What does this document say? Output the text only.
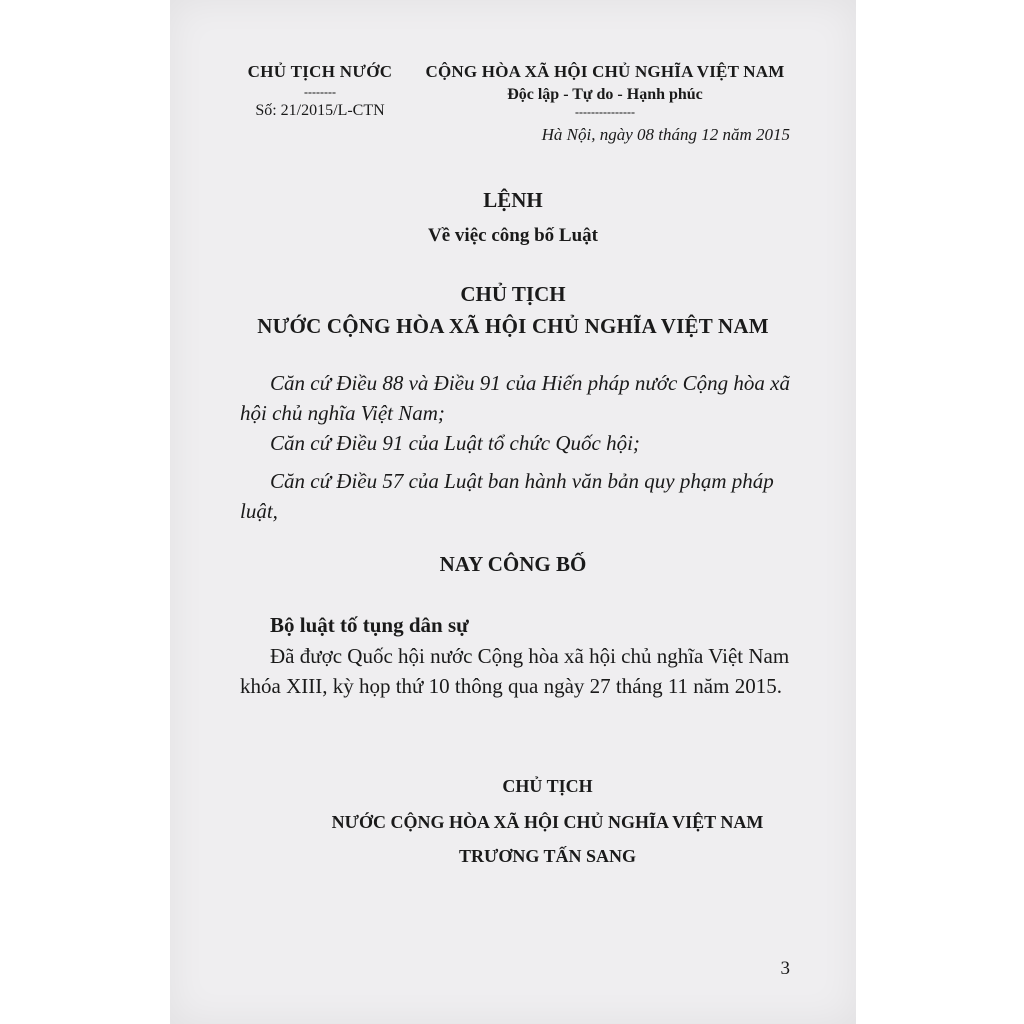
CHỦ TỊCH NƯỚC
--------
Số: 21/2015/L-CTN
CỘNG HÒA XÃ HỘI CHỦ NGHĨA VIỆT NAM
Độc lập - Tự do - Hạnh phúc
---------------
Hà Nội, ngày 08 tháng 12 năm 2015
LỆNH
Về việc công bố Luật
CHỦ TỊCH
NƯỚC CỘNG HÒA XÃ HỘI CHỦ NGHĨA VIỆT NAM
Căn cứ Điều 88 và Điều 91 của Hiến pháp nước Cộng hòa xã hội chủ nghĩa Việt Nam;
Căn cứ Điều 91 của Luật tổ chức Quốc hội;
Căn cứ Điều 57 của Luật ban hành văn bản quy phạm pháp luật,
NAY CÔNG BỐ
Bộ luật tố tụng dân sự
Đã được Quốc hội nước Cộng hòa xã hội chủ nghĩa Việt Nam khóa XIII, kỳ họp thứ 10 thông qua ngày 27 tháng 11 năm 2015.
CHỦ TỊCH
NƯỚC CỘNG HÒA XÃ HỘI CHỦ NGHĨA VIỆT NAM
TRƯƠNG TẤN SANG
3
